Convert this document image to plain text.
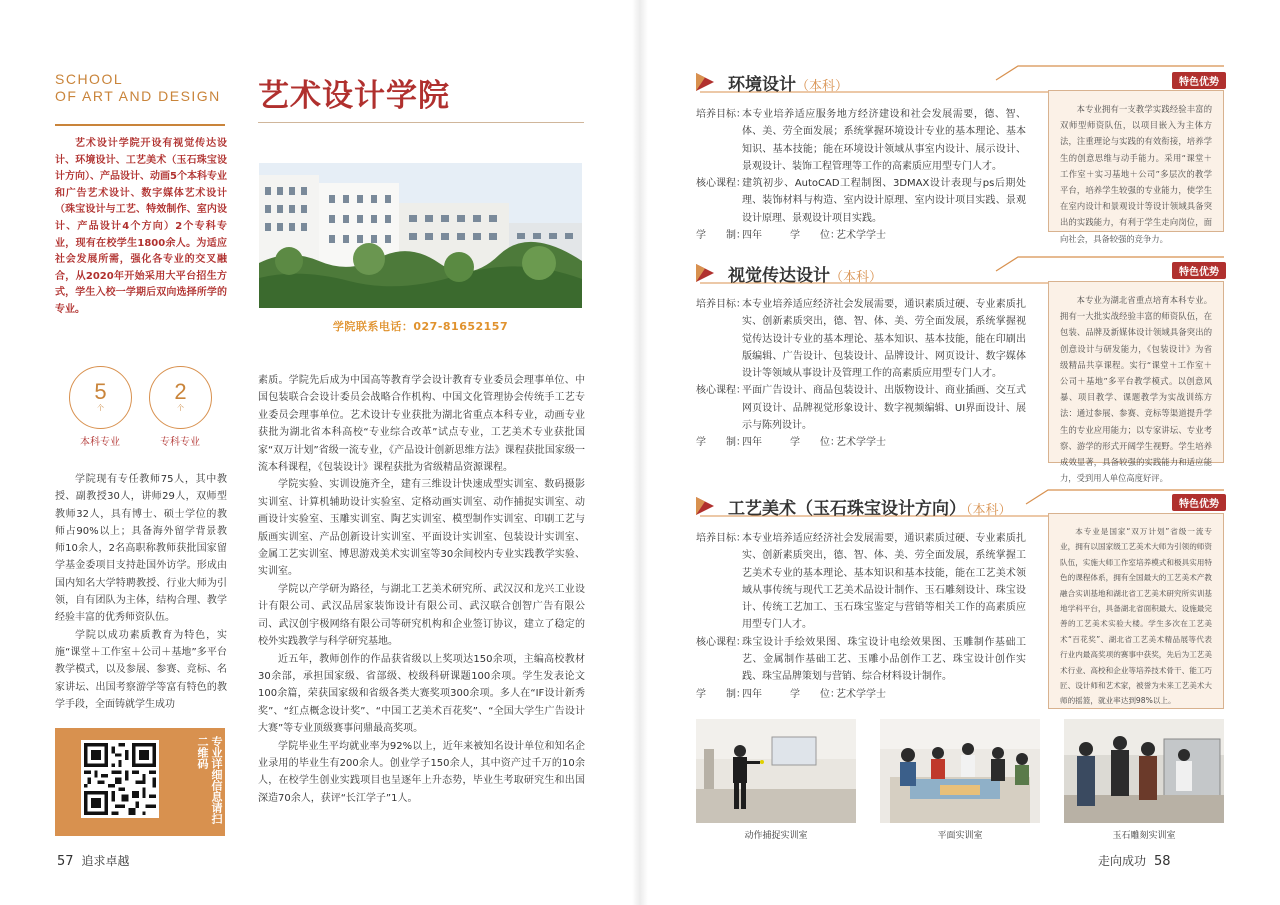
SCHOOL
OF ART AND DESIGN
艺术设计学院开设有视觉传达设计、环境设计、工艺美术（玉石珠宝设计方向）、产品设计、动画5个本科专业和广告艺术设计、数字媒体艺术设计（珠宝设计与工艺、特效制作、室内设计、产品设计4个方向）2个专科专业，现有在校学生1800余人。为适应社会发展所需，强化各专业的交叉融合，从2020年开始采用大平台招生方式，学生入校一学期后双向选择所学的专业。
艺术设计学院
学院联系电话：027-81652157
5
个
本科专业
2
个
专科专业

学院现有专任教师75人，其中教授、副教授30人，讲师29人，双师型教师32人，具有博士、硕士学位的教师占90%以上；具备海外留学背景教师10余人，2名高职称教师获批国家留学基金委项目支持赴国外访学。形成由国内知名大学特聘教授、行业大师为引领，自有团队为主体，结构合理、教学经验丰富的优秀师资队伍。

学院以成功素质教育为特色，实施“课堂＋工作室＋公司＋基地”多平台教学模式，以及参展、参赛、竞标、名家讲坛、出国考察游学等富有特色的教学手段，全面铸就学生成功

素质。学院先后成为中国高等教育学会设计教育专业委员会理事单位、中国包装联合会设计委员会战略合作机构、中国文化管理协会传统手工艺专业委员会理事单位。艺术设计专业获批为湖北省重点本科专业，动画专业获批为湖北省本科高校“专业综合改革”试点专业，工艺美术专业获批国家“双万计划”省级一流专业，《产品设计创新思维方法》课程获批国家级一流本科课程，《包装设计》课程获批为省级精品资源课程。

学院实验、实训设施齐全，建有三维设计快速成型实训室、数码摄影实训室、计算机辅助设计实验室、定格动画实训室、动作捕捉实训室、动画设计实验室、玉雕实训室、陶艺实训室、模型制作实训室、印刷工艺与版画实训室、产品创新设计实训室、平面设计实训室、包装设计实训室、金属工艺实训室、博思游戏美术实训室等30余间校内专业实践教学实验、实训室。

学院以产学研为路径，与湖北工艺美术研究所、武汉汉和龙兴工业设计有限公司、武汉品居家装饰设计有限公司、武汉联合创智广告有限公司、武汉创宇极网络有限公司等研究机构和企业签订协议，建立了稳定的校外实践教学与科学研究基地。

近五年，教师创作的作品获省级以上奖项达150余项，主编高校教材30余部，承担国家级、省部级、校级科研课题100余项。学生发表论文100余篇，荣获国家级和省级各类大赛奖项300余项。多人在“IF设计新秀奖”、“红点概念设计奖”、“中国工艺美术百花奖”、“全国大学生广告设计大赛”等专业顶级赛事问鼎最高奖项。

学院毕业生平均就业率为92%以上，近年来被知名设计单位和知名企业录用的毕业生有200余人。创业学子150余人，其中资产过千万的10余人，在校学生创业实践项目也呈逐年上升态势，毕业生考取研究生和出国深造70余人，获评“长江学子”1人。

专业详细信息请扫二维码
57 追求卓越
环境设计（本科）	特色优势
本专业拥有一支教学实践经验丰富的双师型师资队伍，以项目嵌入为主体方法，注重理论与实践的有效衔接，培养学生的创意思维与动手能力。采用“课堂＋工作室＋实习基地＋公司”多层次的教学平台，培养学生较强的专业能力，使学生在室内设计和景观设计等设计领域具备突出的实践能力，有利于学生走向岗位，面向社会，具备较强的竞争力。
培养目标：
本专业培养适应服务地方经济建设和社会发展需要，德、智、体、美、劳全面发展；系统掌握环境设计专业的基本理论、基本知识、基本技能；能在环境设计领域从事室内设计、展示设计、景观设计、装饰工程管理等工作的高素质应用型专门人才。
核心课程：
建筑初步、AutoCAD工程制图、3DMAX设计表现与ps后期处理、装饰材料与构造、室内设计原理、室内设计项目实践、景观设计原理、景观设计项目实践。
学　　制：
四年	学　　位：
艺术学学士
视觉传达设计（本科）	特色优势
本专业为湖北省重点培育本科专业。拥有一大批实战经验丰富的师资队伍，在包装、品牌及新媒体设计领域具备突出的创意设计与研发能力，《包装设计》为省级精品共享课程。实行“课堂＋工作室＋公司＋基地”多平台教学模式。以创意风暴、项目教学、课题教学为实战训练方法：通过参展、参赛、竞标等渠道提升学生的专业应用能力；以专家讲坛、专业考察、游学的形式开阔学生视野。学生培养成效显著，具备较强的实践能力和适应能力，受到用人单位高度好评。
培养目标：
本专业培养适应经济社会发展需要，通识素质过硬、专业素质扎实、创新素质突出，德、智、体、美、劳全面发展，系统掌握视觉传达设计专业的基本理论、基本知识、基本技能，能在印刷出版编辑、广告设计、包装设计、品牌设计、网页设计、数字媒体设计等领域从事设计及管理工作的高素质应用型专门人才。
核心课程：
平面广告设计、商品包装设计、出版物设计、商业插画、交互式网页设计、品牌视觉形象设计、数字视频编辑、UI界面设计、展示与陈列设计。
学　　制：
四年	学　　位：
艺术学学士
工艺美术（玉石珠宝设计方向）（本科）	特色优势
本专业是国家“双万计划”省级一流专业，拥有以国家级工艺美术大师为引领的师资队伍，实施大师工作室培养模式和极具实用特色的课程体系，拥有全国最大的工艺美术产教融合实训基地和湖北省工艺美术研究所实训基地学科平台，具备湖北省面积最大、设施最完善的工艺美术实验大楼。学生多次在工艺美术“百花奖”、湖北省工艺美术精品展等代表行业内最高奖项的赛事中获奖，先后为工艺美术行业、高校和企业等培养技术骨干、能工巧匠、设计师和艺术家，被誉为未来工艺美术大师的摇篮，就业率达到98%以上。
培养目标：
本专业培养适应经济社会发展需要，通识素质过硬、专业素质扎实、创新素质突出，德、智、体、美、劳全面发展，系统掌握工艺美术专业的基本理论、基本知识和基本技能，能在工艺美术领域从事传统与现代工艺美术品设计制作、玉石雕刻设计、珠宝设计、传统工艺加工、玉石珠宝鉴定与营销等相关工作的高素质应用型专门人才。
核心课程：
珠宝设计手绘效果图、珠宝设计电绘效果图、玉雕制作基础工艺、金属制作基础工艺、玉雕小品创作工艺、珠宝设计创作实践、珠宝品牌策划与营销、综合材料设计制作。
学　　制：
四年	学　　位：
艺术学学士
动作捕捉实训室	平面实训室	玉石雕刻实训室
走向成功 58
